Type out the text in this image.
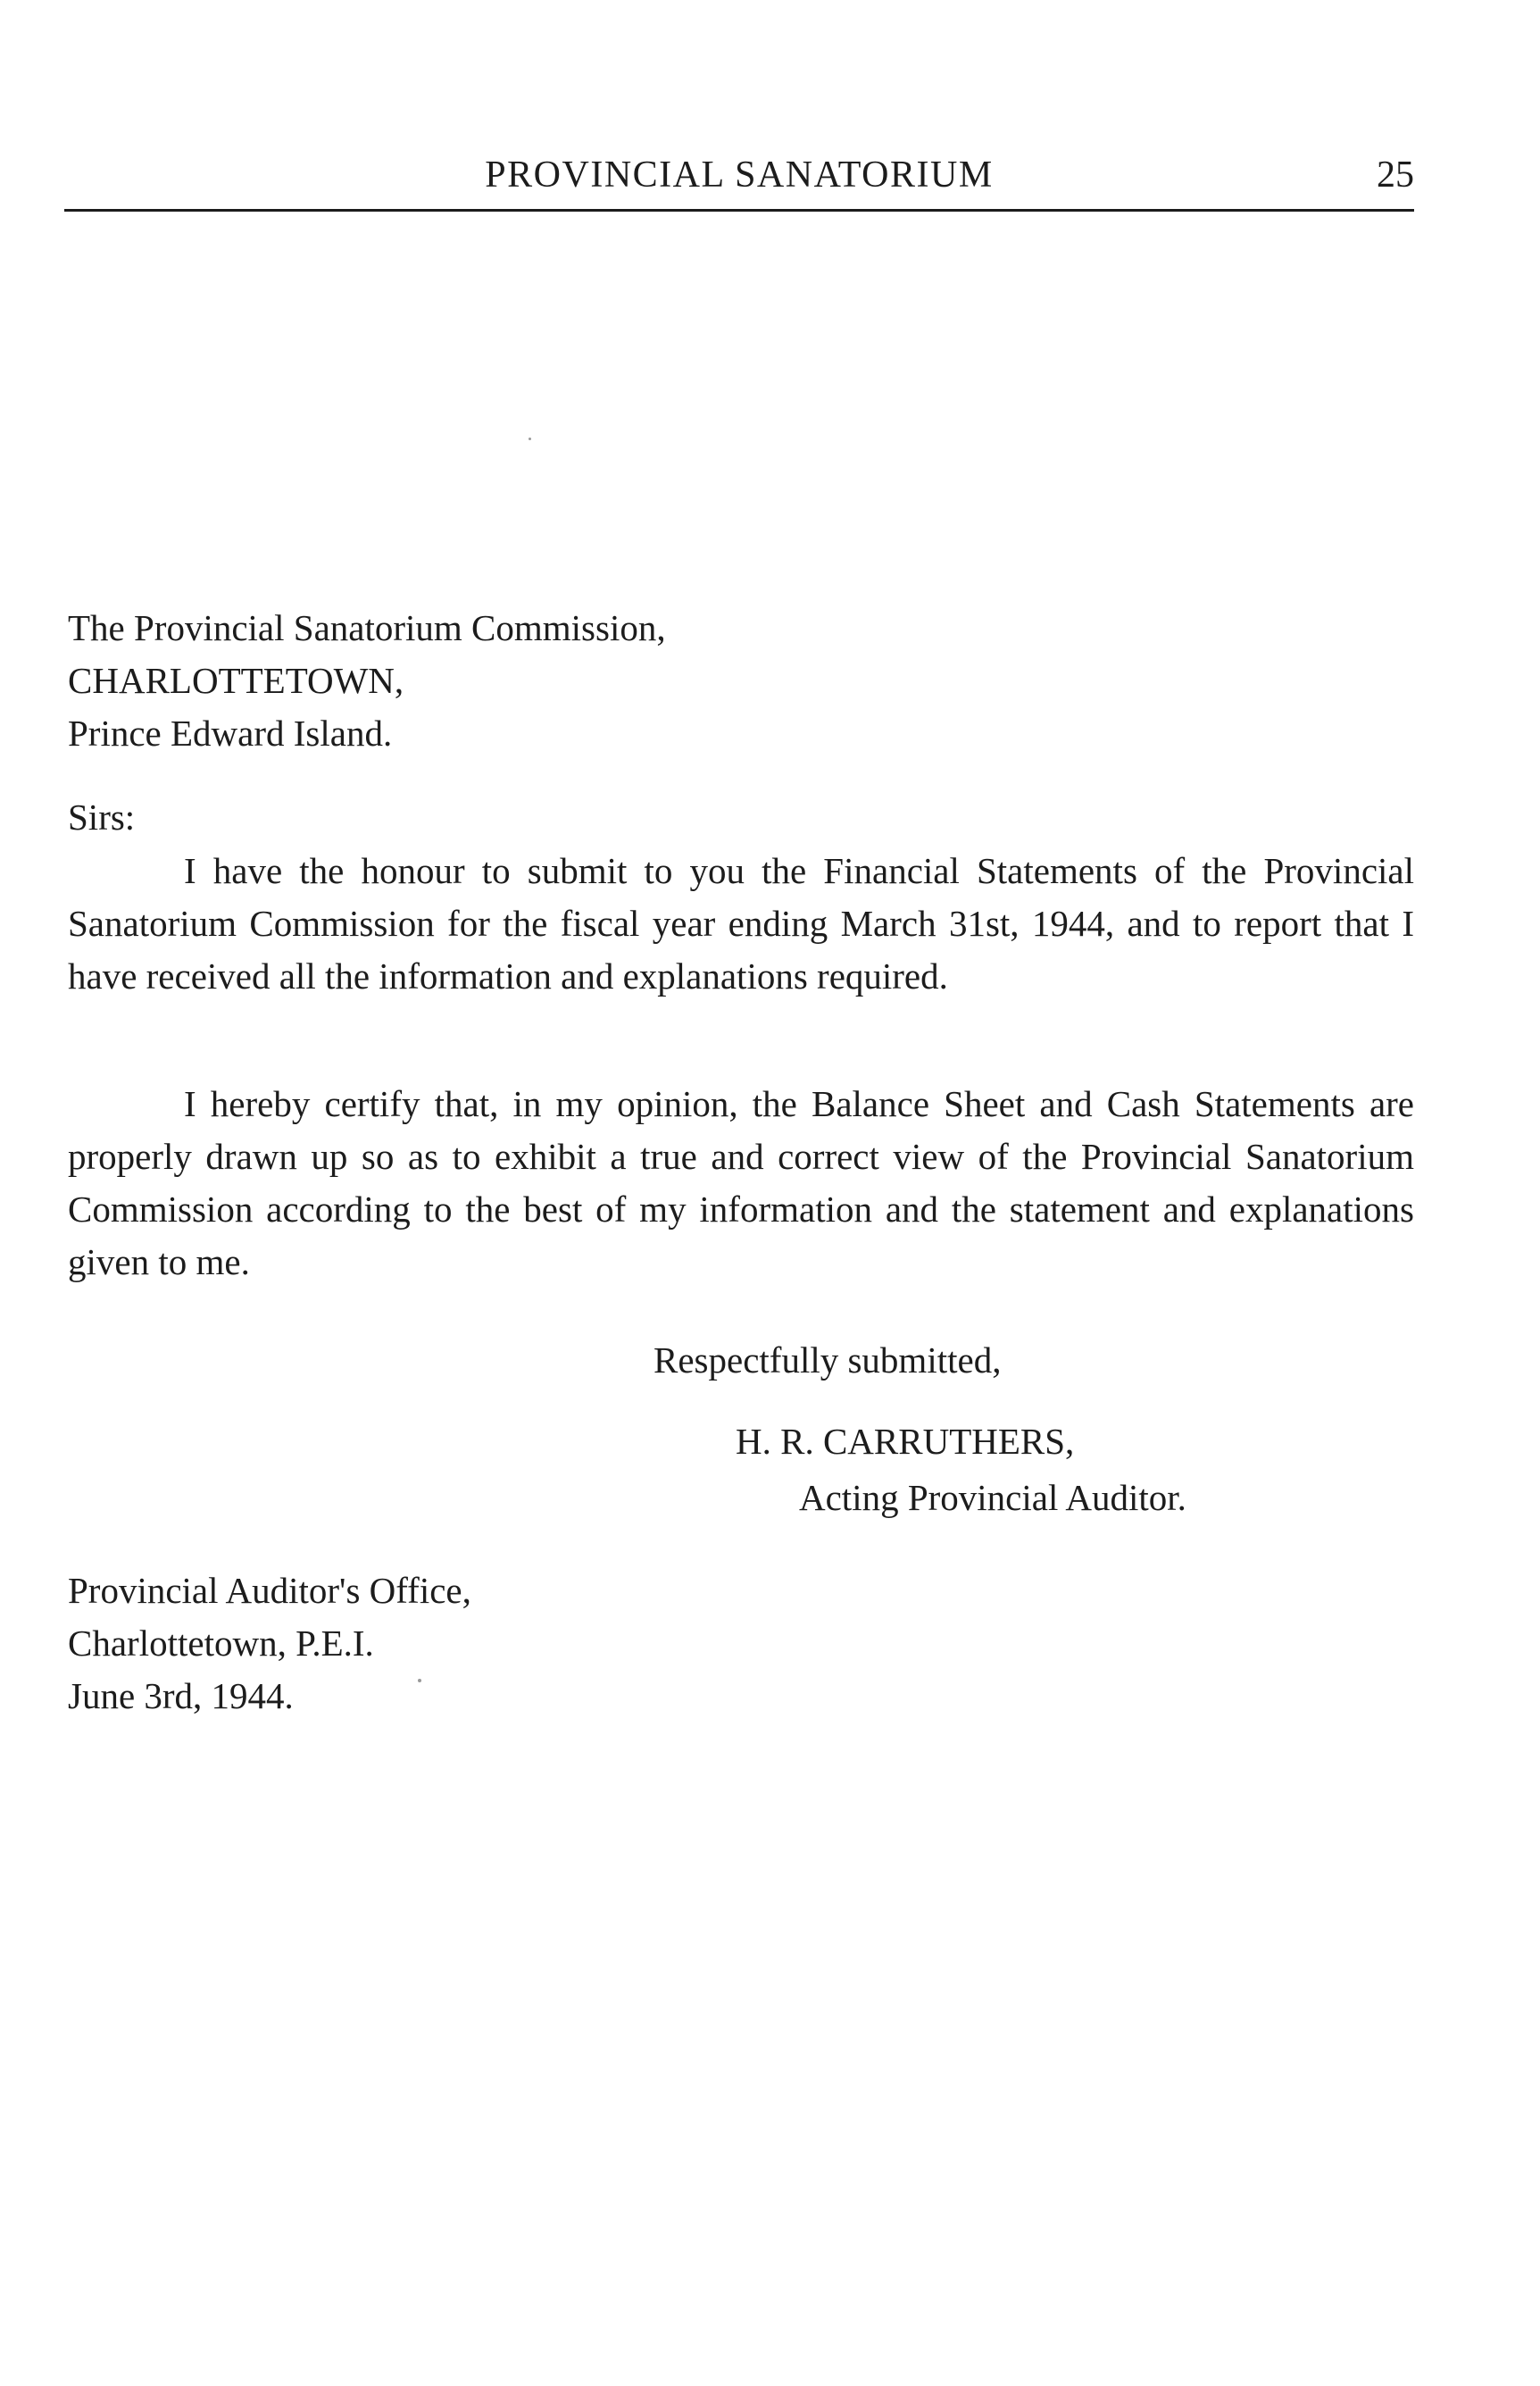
PROVINCIAL SANATORIUM	25
The Provincial Sanatorium Commission,
CHARLOTTETOWN,
Prince Edward Island.
Sirs:

I have the honour to submit to you the Financial Statements of the Provincial Sanatorium Commission for the fiscal year ending March 31st, 1944, and to report that I have received all the information and explanations required.

I hereby certify that, in my opinion, the Balance Sheet and Cash Statements are properly drawn up so as to exhibit a true and correct view of the Provincial Sanatorium Commission according to the best of my information and the statement and explanations given to me.

Respectfully submitted,
H. R. CARRUTHERS,
Acting Provincial Auditor.
Provincial Auditor's Office,
Charlottetown, P.E.I.
June 3rd, 1944.
